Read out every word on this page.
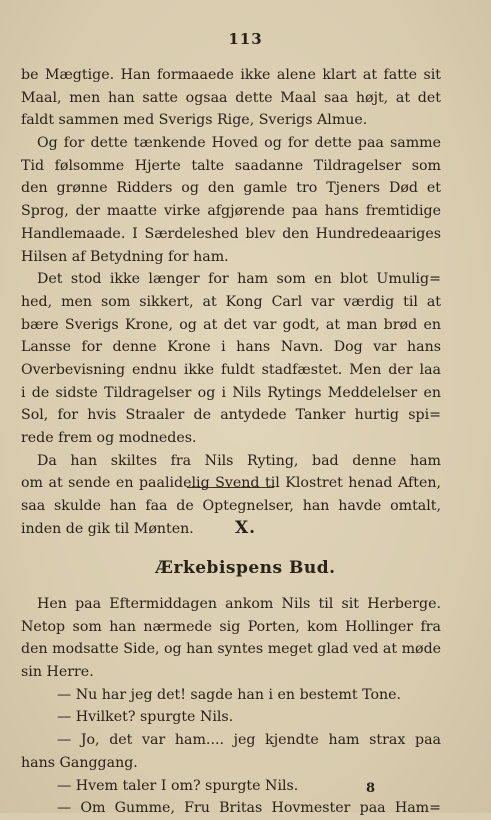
113
be Mægtige. Han formaaede ikke alene klart at fatte sit
Maal, men han satte ogsaa dette Maal saa højt, at det
faldt sammen med Sverigs Rige, Sverigs Almue.
Og for dette tænkende Hoved og for dette paa samme
Tid følsomme Hjerte talte saadanne Tildragelser som
den grønne Ridders og den gamle tro Tjeners Død et
Sprog, der maatte virke afgjørende paa hans fremtidige
Handlemaade. I Særdeleshed blev den Hundredeaariges
Hilsen af Betydning for ham.
Det stod ikke længer for ham som en blot Umulig=
hed, men som sikkert, at Kong Carl var værdig til at
bære Sverigs Krone, og at det var godt, at man brød en
Lansse for denne Krone i hans Navn. Dog var hans
Overbevisning endnu ikke fuldt stadfæstet. Men der laa
i de sidste Tildragelser og i Nils Rytings Meddelelser en
Sol, for hvis Straaler de antydede Tanker hurtig spi=
rede frem og modnedes.
Da han skiltes fra Nils Ryting, bad denne ham
om at sende en paalidelig Svend til Klostret henad Aften,
saa skulde han faa de Optegnelser, han havde omtalt,
inden de gik til Mønten.	X.
Ærkebispens Bud.
Hen paa Eftermiddagen ankom Nils til sit Herberge.
Netop som han nærmede sig Porten, kom Hollinger fra
den modsatte Side, og han syntes meget glad ved at møde
sin Herre.
— Nu har jeg det! sagde han i en bestemt Tone.
— Hvilket? spurgte Nils.
— Jo, det var ham.... jeg kjendte ham strax paa
hans Ganggang.
— Hvem taler I om? spurgte Nils.
— Om Gumme, Fru Britas Hovmester paa Ham=
8
